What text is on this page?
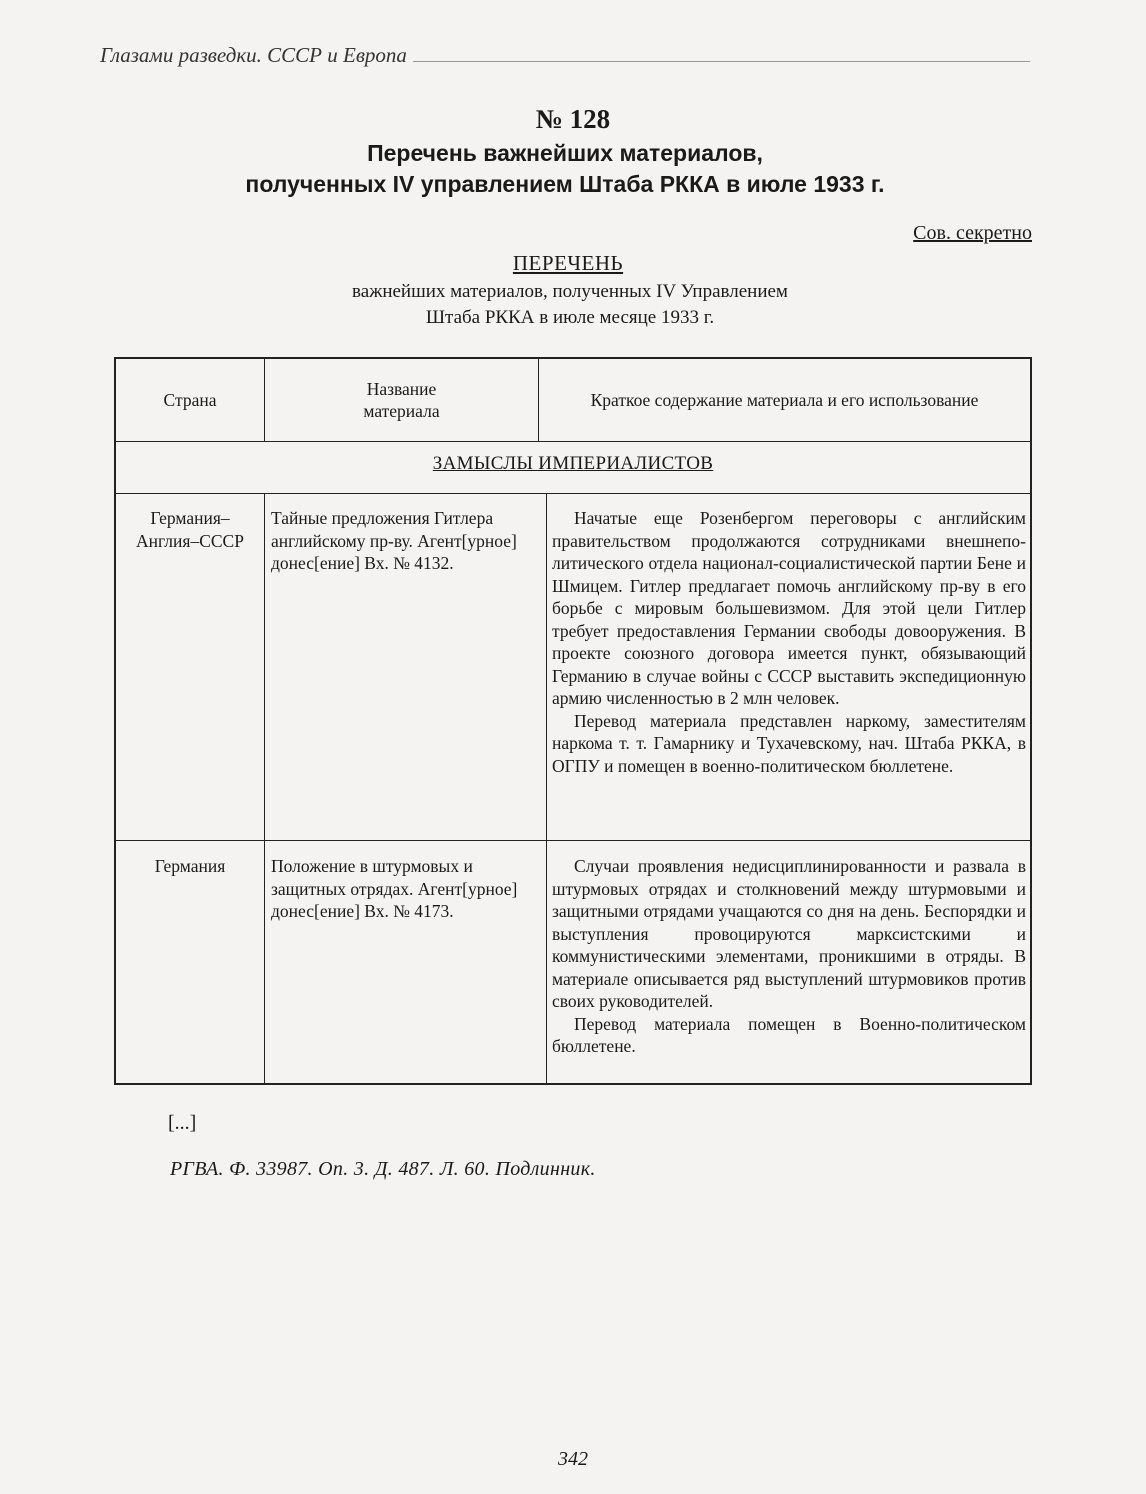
Глазами разведки. СССР и Европа
№ 128
Перечень важнейших материалов,
полученных IV управлением Штаба РККА в июле 1933 г.
Сов. секретно
ПЕРЕЧЕНЬ
важнейших материалов, полученных IV Управлением
Штаба РККА в июле месяце 1933 г.
Страна
Название
материала
Краткое содержание материала и его использование
ЗАМЫСЛЫ ИМПЕРИАЛИСТОВ
Германия–
Англия–СССР
Тайные предложения Гитлера английскому пр-ву. Агент[урное] донес[ение] Вх. № 4132.

Начатые еще Розенбергом переговоры с английским правительством продолжаются сотрудниками внешнеполитического отдела национал-социалистической партии Бене и Шмицем. Гитлер предлагает помочь английскому пр-ву в его борьбе с мировым большевизмом. Для этой цели Гитлер требует предоставления Германии свободы довооружения. В проекте союзного договора имеется пункт, обязывающий Германию в случае войны с СССР выставить экспедиционную армию численностью в 2 млн человек.

Перевод материала представлен наркому, заместителям наркома т. т. Гамарнику и Тухачевскому, нач. Штаба РККА, в ОГПУ и помещен в военно-политическом бюллетене.

Германия	Положение в штурмовых и защитных отрядах. Агент[урное] донес[ение] Вх. № 4173.

Случаи проявления недисциплинированности и развала в штурмовых отрядах и столкновений между штурмовыми и защитными отрядами учащаются со дня на день. Беспорядки и выступления провоцируются марксистскими и коммунистическими элементами, проникшими в отряды. В материале описывается ряд выступлений штурмовиков против своих руководителей.

Перевод материала помещен в Военно-политическом бюллетене.

[...]
РГВА. Ф. 33987. Оп. 3. Д. 487. Л. 60. Подлинник.
342
